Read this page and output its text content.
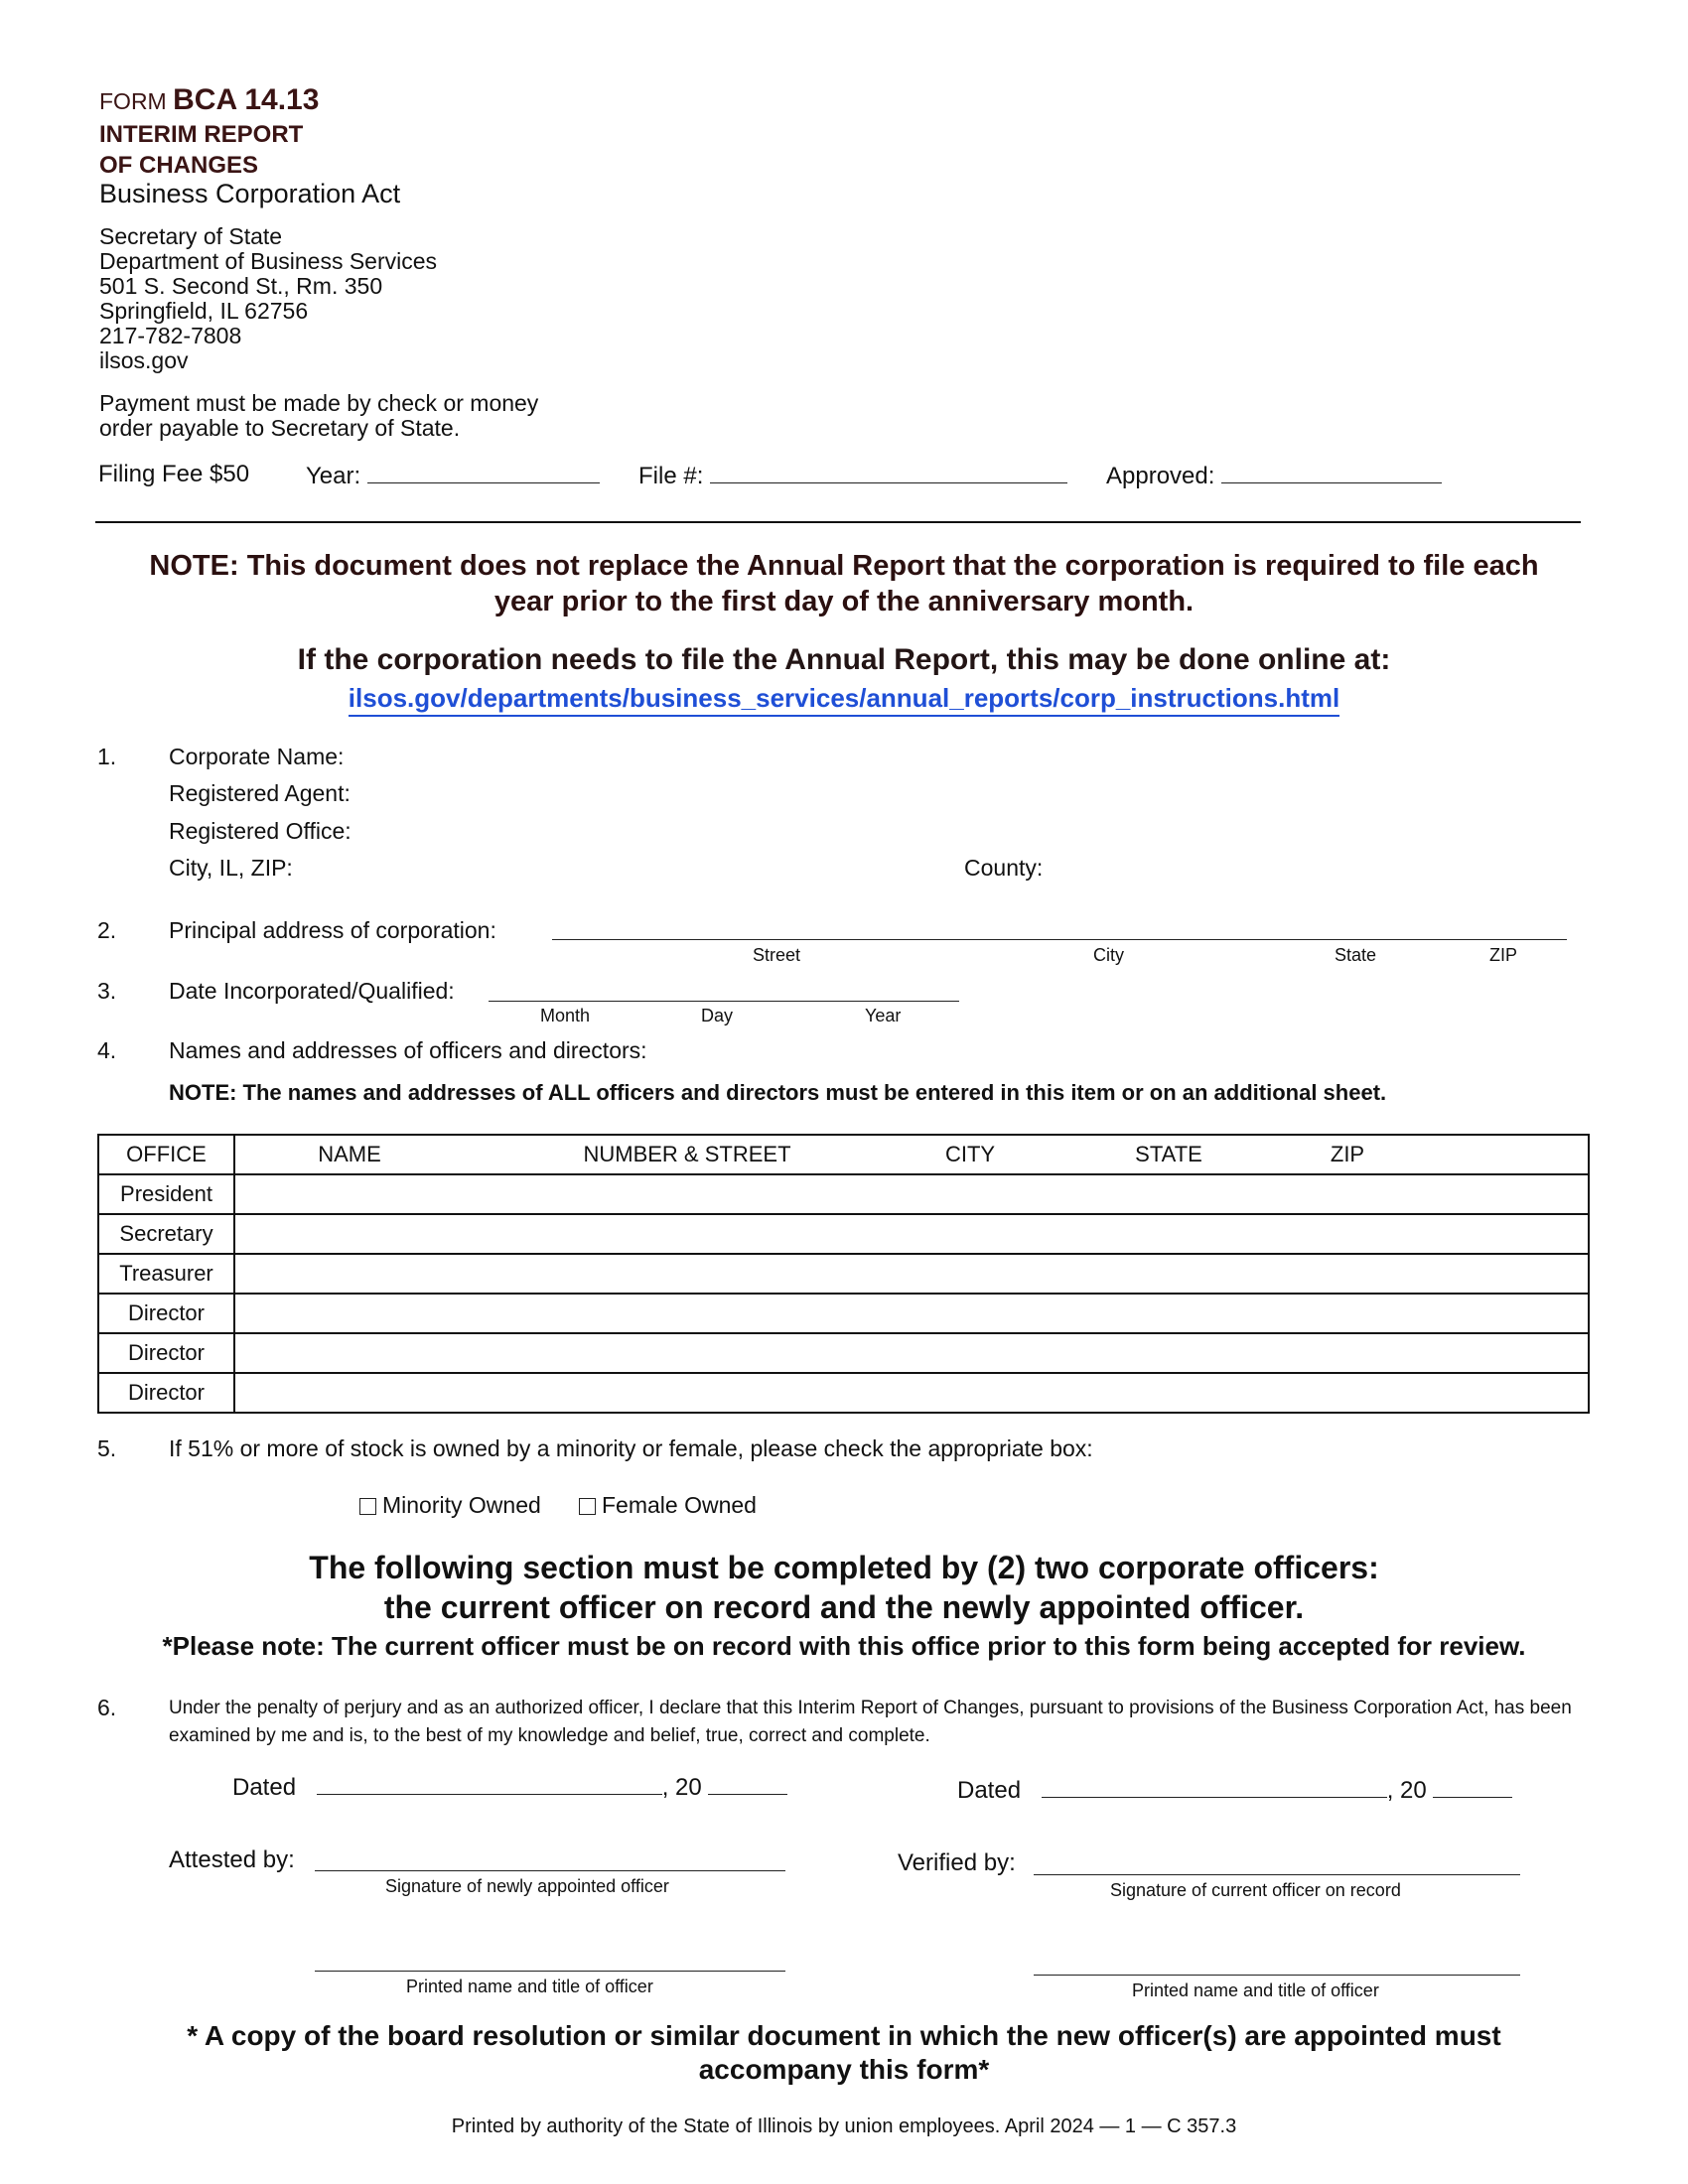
FORM BCA 14.13
INTERIM REPORT
OF CHANGES
Business Corporation Act
Secretary of State
Department of Business Services
501 S. Second St., Rm. 350
Springfield, IL 62756
217-782-7808
ilsos.gov
Payment must be made by check or money
order payable to Secretary of State.
Filing Fee $50 Year:	File #:	Approved:
NOTE: This document does not replace the Annual Report that the corporation is required to file each
year prior to the first day of the anniversary month.
If the corporation needs to file the Annual Report, this may be done online at:
ilsos.gov/departments/business_services/annual_reports/corp_instructions.html
1. Corporate Name:
Registered Agent:
Registered Office:
City, IL, ZIP:	County:
2. Principal address of corporation:
Street	City	State	ZIP
3. Date Incorporated/Qualified:
Month	Day	Year
4. Names and addresses of officers and directors:
NOTE: The names and addresses of ALL officers and directors must be entered in this item or on an additional sheet.
OFFICE	NAME NUMBER & STREET CITY STATE ZIP

President	
Secretary	
Treasurer	
Director	
Director	
Director	
5. If 51% or more of stock is owned by a minority or female, please check the appropriate box:
Minority Owned	Female Owned
The following section must be completed by (2) two corporate officers:
the current officer on record and the newly appointed officer.
*Please note: The current officer must be on record with this office prior to this form being accepted for review.
6.	Under the penalty of perjury and as an authorized officer, I declare that this Interim Report of Changes, pursuant to provisions of the Business Corporation Act, has been examined by me and is, to the best of my knowledge and belief, true, correct and complete.
Dated	, 20	Dated	, 20
Attested by:
Signature of newly appointed officer
Verified by:
Signature of current officer on record
Printed name and title of officer	Printed name and title of officer
* A copy of the board resolution or similar document in which the new officer(s) are appointed must
accompany this form*
Printed by authority of the State of Illinois by union employees. April 2024 — 1 — C 357.3
